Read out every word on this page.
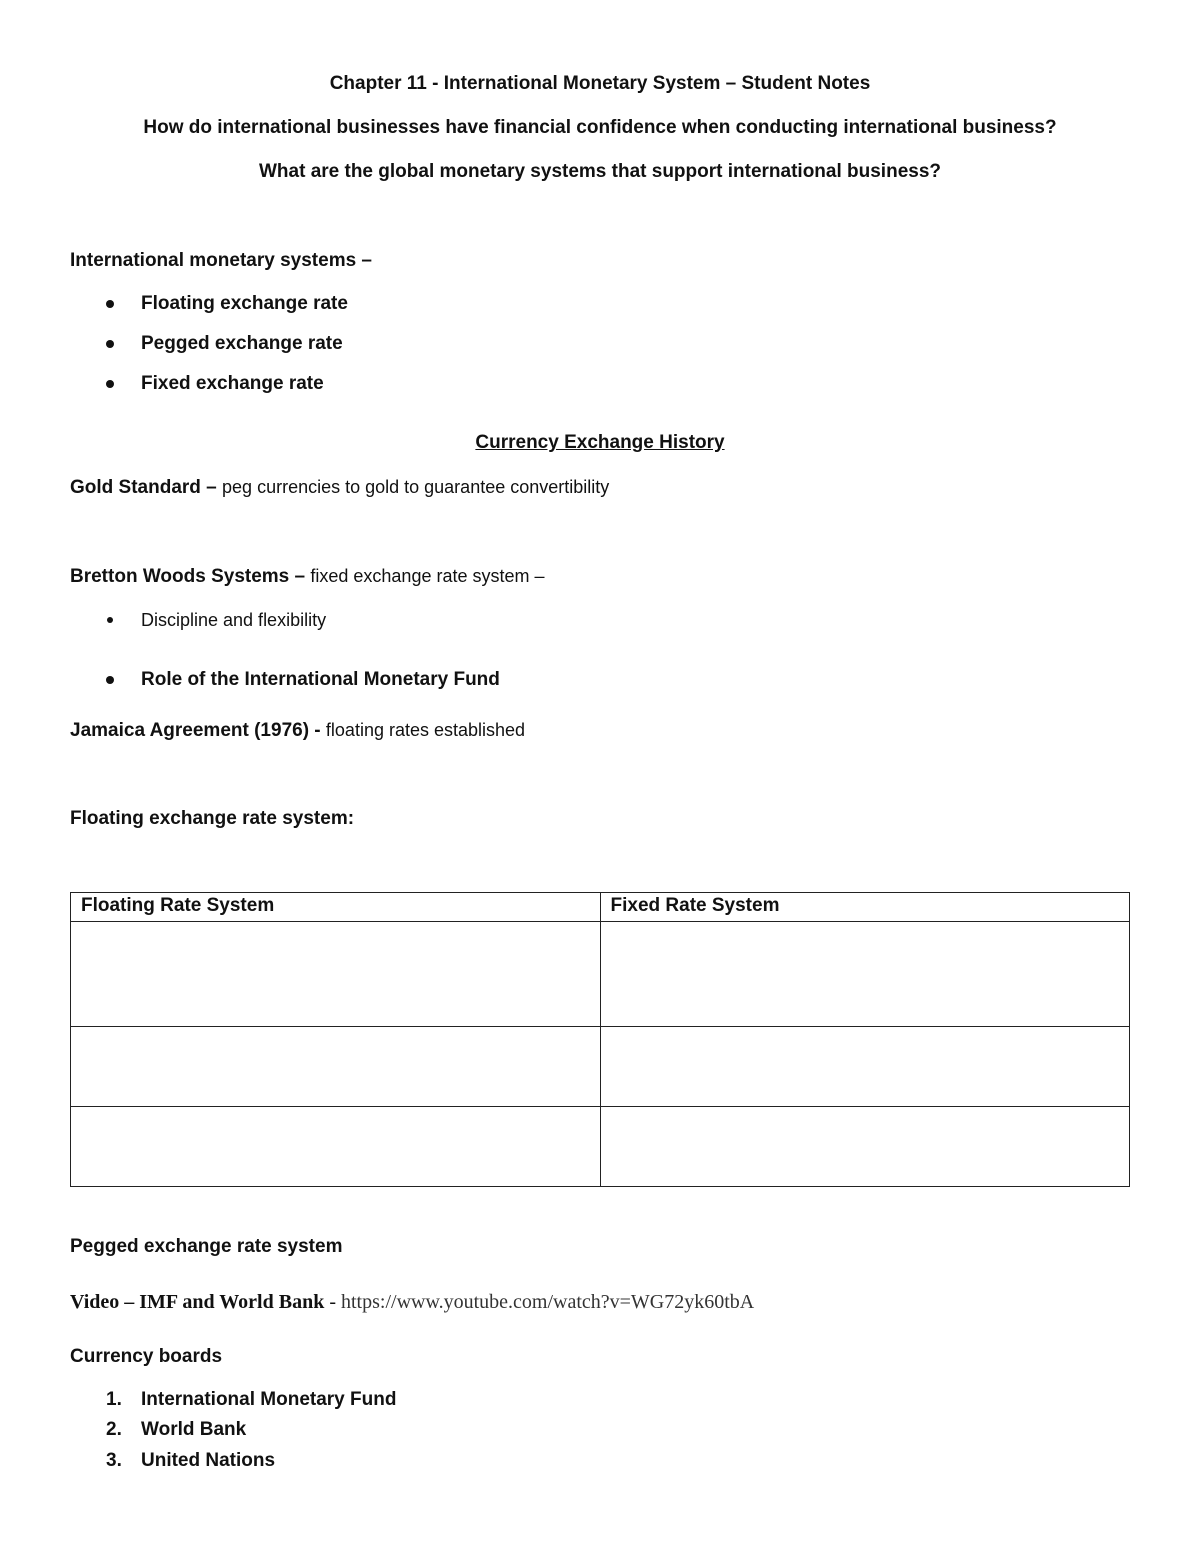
Chapter 11 - International Monetary System – Student Notes
How do international businesses have financial confidence when conducting international business?
What are the global monetary systems that support international business?
International monetary systems –
Floating exchange rate
Pegged exchange rate
Fixed exchange rate
Currency Exchange History
Gold Standard – peg currencies to gold to guarantee convertibility
Bretton Woods Systems – fixed exchange rate system –
Discipline and flexibility
Role of the International Monetary Fund
Jamaica Agreement (1976) - floating rates established
Floating exchange rate system:
Floating Rate System	Fixed Rate System

Pegged exchange rate system
Video – IMF and World Bank - https://www.youtube.com/watch?v=WG72yk60tbA
Currency boards
1. International Monetary Fund
2. World Bank
3. United Nations
